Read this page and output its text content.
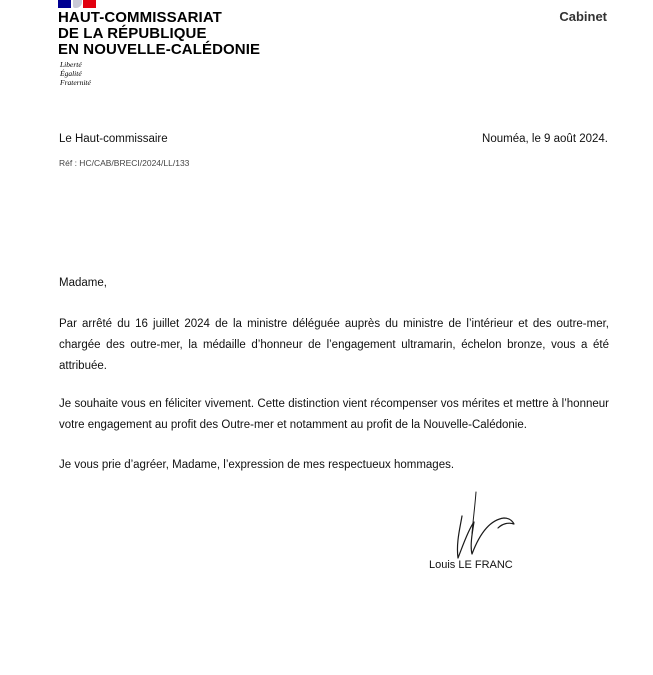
HAUT-COMMISSARIAT
DE LA RÉPUBLIQUE
EN NOUVELLE-CALÉDONIE
Liberté
Égalité
Fraternité
Cabinet
Le Haut-commissaire	Nouméa, le 9 août 2024.
Réf : HC/CAB/BRECI/2024/LL/133
Madame,
Par arrêté du 16 juillet 2024 de la ministre déléguée auprès du ministre de l’intérieur et des outre-mer, chargée des outre-mer, la médaille d’honneur de l’engagement ultramarin, échelon bronze, vous a été attribuée.
Je souhaite vous en féliciter vivement. Cette distinction vient récompenser vos mérites et mettre à l’honneur votre engagement au profit des Outre-mer et notamment au profit de la Nouvelle-Calédonie.
Je vous prie d’agréer, Madame, l’expression de mes respectueux hommages.
Louis LE FRANC
